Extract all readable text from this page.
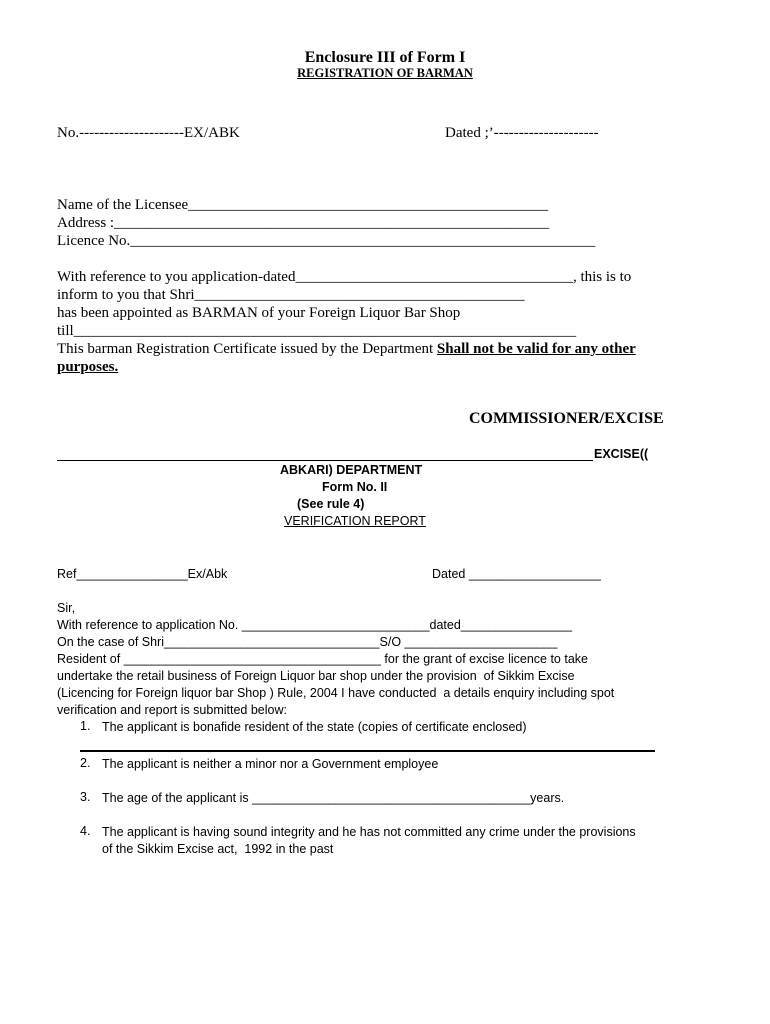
Enclosure III of Form I
REGISTRATION OF BARMAN
No.---------------------EX/ABK	Dated ;’---------------------
Name of the Licensee________________________________________________
Address :__________________________________________________________
Licence No.______________________________________________________________
With reference to you application-dated_____________________________________, this is to
inform to you that Shri____________________________________________
has been appointed as BARMAN of your Foreign Liquor Bar Shop
till___________________________________________________________________
This barman Registration Certificate issued by the Department Shall not be valid for any other
purposes.
COMMISSIONER/EXCISE
EXCISE((
ABKARI) DEPARTMENT
Form No. II
(See rule 4)
VERIFICATION REPORT
Ref________________Ex/Abk	Dated ___________________
Sir,
With reference to application No. ___________________________dated________________
On the case of Shri_______________________________S/O ______________________
Resident of _____________________________________ for the grant of excise licence to take
undertake the retail business of Foreign Liquor bar shop under the provision  of Sikkim Excise
(Licencing for Foreign liquor bar Shop ) Rule, 2004 I have conducted  a details enquiry including spot
verification and report is submitted below:
1. The applicant is bonafide resident of the state (copies of certificate enclosed)
2. The applicant is neither a minor nor a Government employee
3. The age of the applicant is ________________________________________years.
4. The applicant is having sound integrity and he has not committed any crime under the provisions
of the Sikkim Excise act,  1992 in the past
